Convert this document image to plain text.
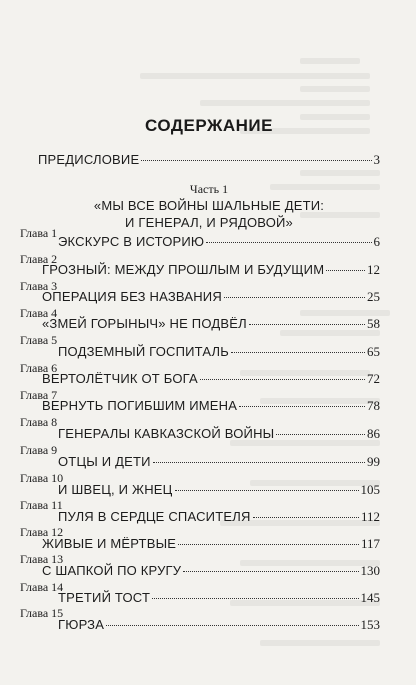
СОДЕРЖАНИЕ
ПРЕДИСЛОВИЕ	3
Часть 1
«МЫ ВСЕ ВОЙНЫ ШАЛЬНЫЕ ДЕТИ:
И ГЕНЕРАЛ, И РЯДОВОЙ»
Глава 1
ЭКСКУРС В ИСТОРИЮ	6
Глава 2
ГРОЗНЫЙ: МЕЖДУ ПРОШЛЫМ И БУДУЩИМ	12
Глава 3
ОПЕРАЦИЯ БЕЗ НАЗВАНИЯ	25
Глава 4
«ЗМЕЙ ГОРЫНЫЧ» НЕ ПОДВЁЛ	58
Глава 5
ПОДЗЕМНЫЙ ГОСПИТАЛЬ	65
Глава 6
ВЕРТОЛЁТЧИК ОТ БОГА	72
Глава 7
ВЕРНУТЬ ПОГИБШИМ ИМЕНА	78
Глава 8
ГЕНЕРАЛЫ КАВКАЗСКОЙ ВОЙНЫ	86
Глава 9
ОТЦЫ И ДЕТИ	99
Глава 10
И ШВЕЦ, И ЖНЕЦ	105
Глава 11
ПУЛЯ В СЕРДЦЕ СПАСИТЕЛЯ	112
Глава 12
ЖИВЫЕ И МЁРТВЫЕ	117
Глава 13
С ШАПКОЙ ПО КРУГУ	130
Глава 14
ТРЕТИЙ ТОСТ	145
Глава 15
ГЮРЗА	153
